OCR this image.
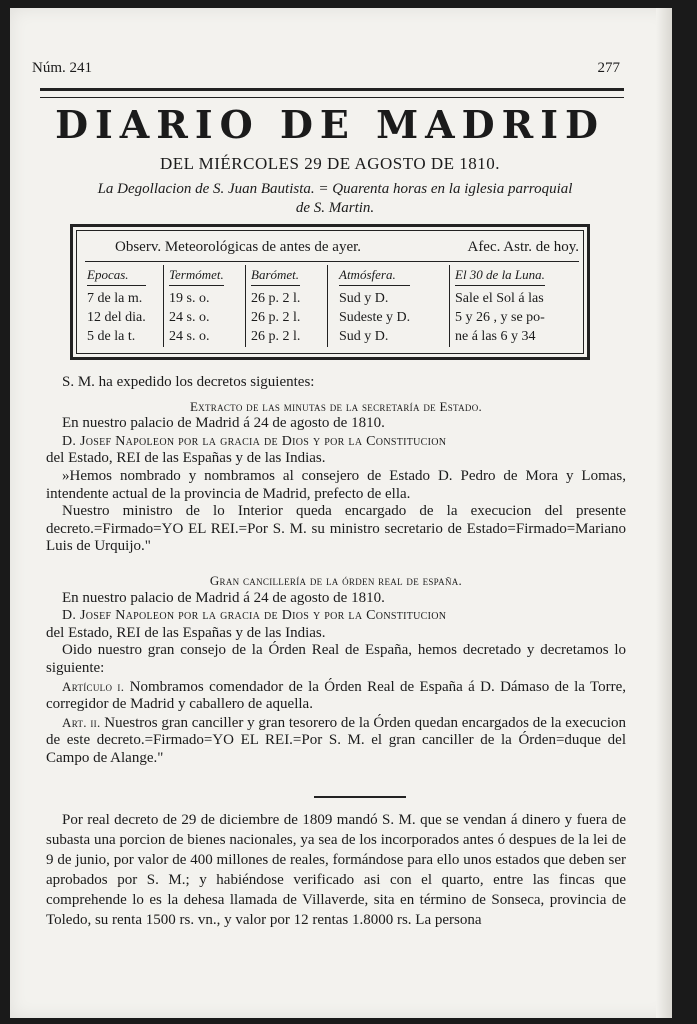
Núm. 241	277
DIARIO DE MADRID
DEL MIÉRCOLES 29 DE AGOSTO DE 1810.
La Degollacion de S. Juan Bautista. = Quarenta horas en la iglesia parroquial
de S. Martin.
Observ. Meteorológicas de antes de ayer.	Afec. Astr. de hoy.
Epocas.
7 de la m.
12 del dia.
5 de la t.
Termómet.
19 s. o.
24 s. o.
24 s. o.
Barómet.
26 p. 2 l.
26 p. 2 l.
26 p. 2 l.
Atmósfera.
Sud y D.
Sudeste y D.
Sud y D.
El 30 de la Luna.
Sale el Sol á las
5 y 26 , y se po-
ne á las 6 y 34

S. M. ha expedido los decretos siguientes:

Extracto de las minutas de la secretaría de Estado.

En nuestro palacio de Madrid á 24 de agosto de 1810.

D. Josef Napoleon por la gracia de Dios y por la Constitucion

del Estado, REI de las Españas y de las Indias.

»Hemos nombrado y nombramos al consejero de Estado D. Pedro de Mora y Lomas, intendente actual de la provincia de Madrid, prefecto de ella.

Nuestro ministro de lo Interior queda encargado de la execucion del presente decreto.=Firmado=YO EL REI.=Por S. M. su ministro secretario de Estado=Firmado=Mariano Luis de Urquijo."

Gran cancillería de la órden real de españa.

En nuestro palacio de Madrid á 24 de agosto de 1810.

D. Josef Napoleon por la gracia de Dios y por la Constitucion

del Estado, REI de las Españas y de las Indias.

Oido nuestro gran consejo de la Órden Real de España, hemos decretado y decretamos lo siguiente:

Artículo i. Nombramos comendador de la Órden Real de España á D. Dámaso de la Torre, corregidor de Madrid y caballero de aquella.

Art. ii. Nuestros gran canciller y gran tesorero de la Órden quedan encargados de la execucion de este decreto.=Firmado=YO EL REI.=Por S. M. el gran canciller de la Órden=duque del Campo de Alange."

Por real decreto de 29 de diciembre de 1809 mandó S. M. que se vendan á dinero y fuera de subasta una porcion de bienes nacionales, ya sea de los incorporados antes ó despues de la lei de 9 de junio, por valor de 400 millones de reales, formándose para ello unos estados que deben ser aprobados por S. M.; y habiéndose verificado asi con el quarto, entre las fincas que comprehende lo es la dehesa llamada de Villaverde, sita en término de Sonseca, provincia de Toledo, su renta 1500 rs. vn., y valor por 12 rentas 1.8000 rs. La persona
